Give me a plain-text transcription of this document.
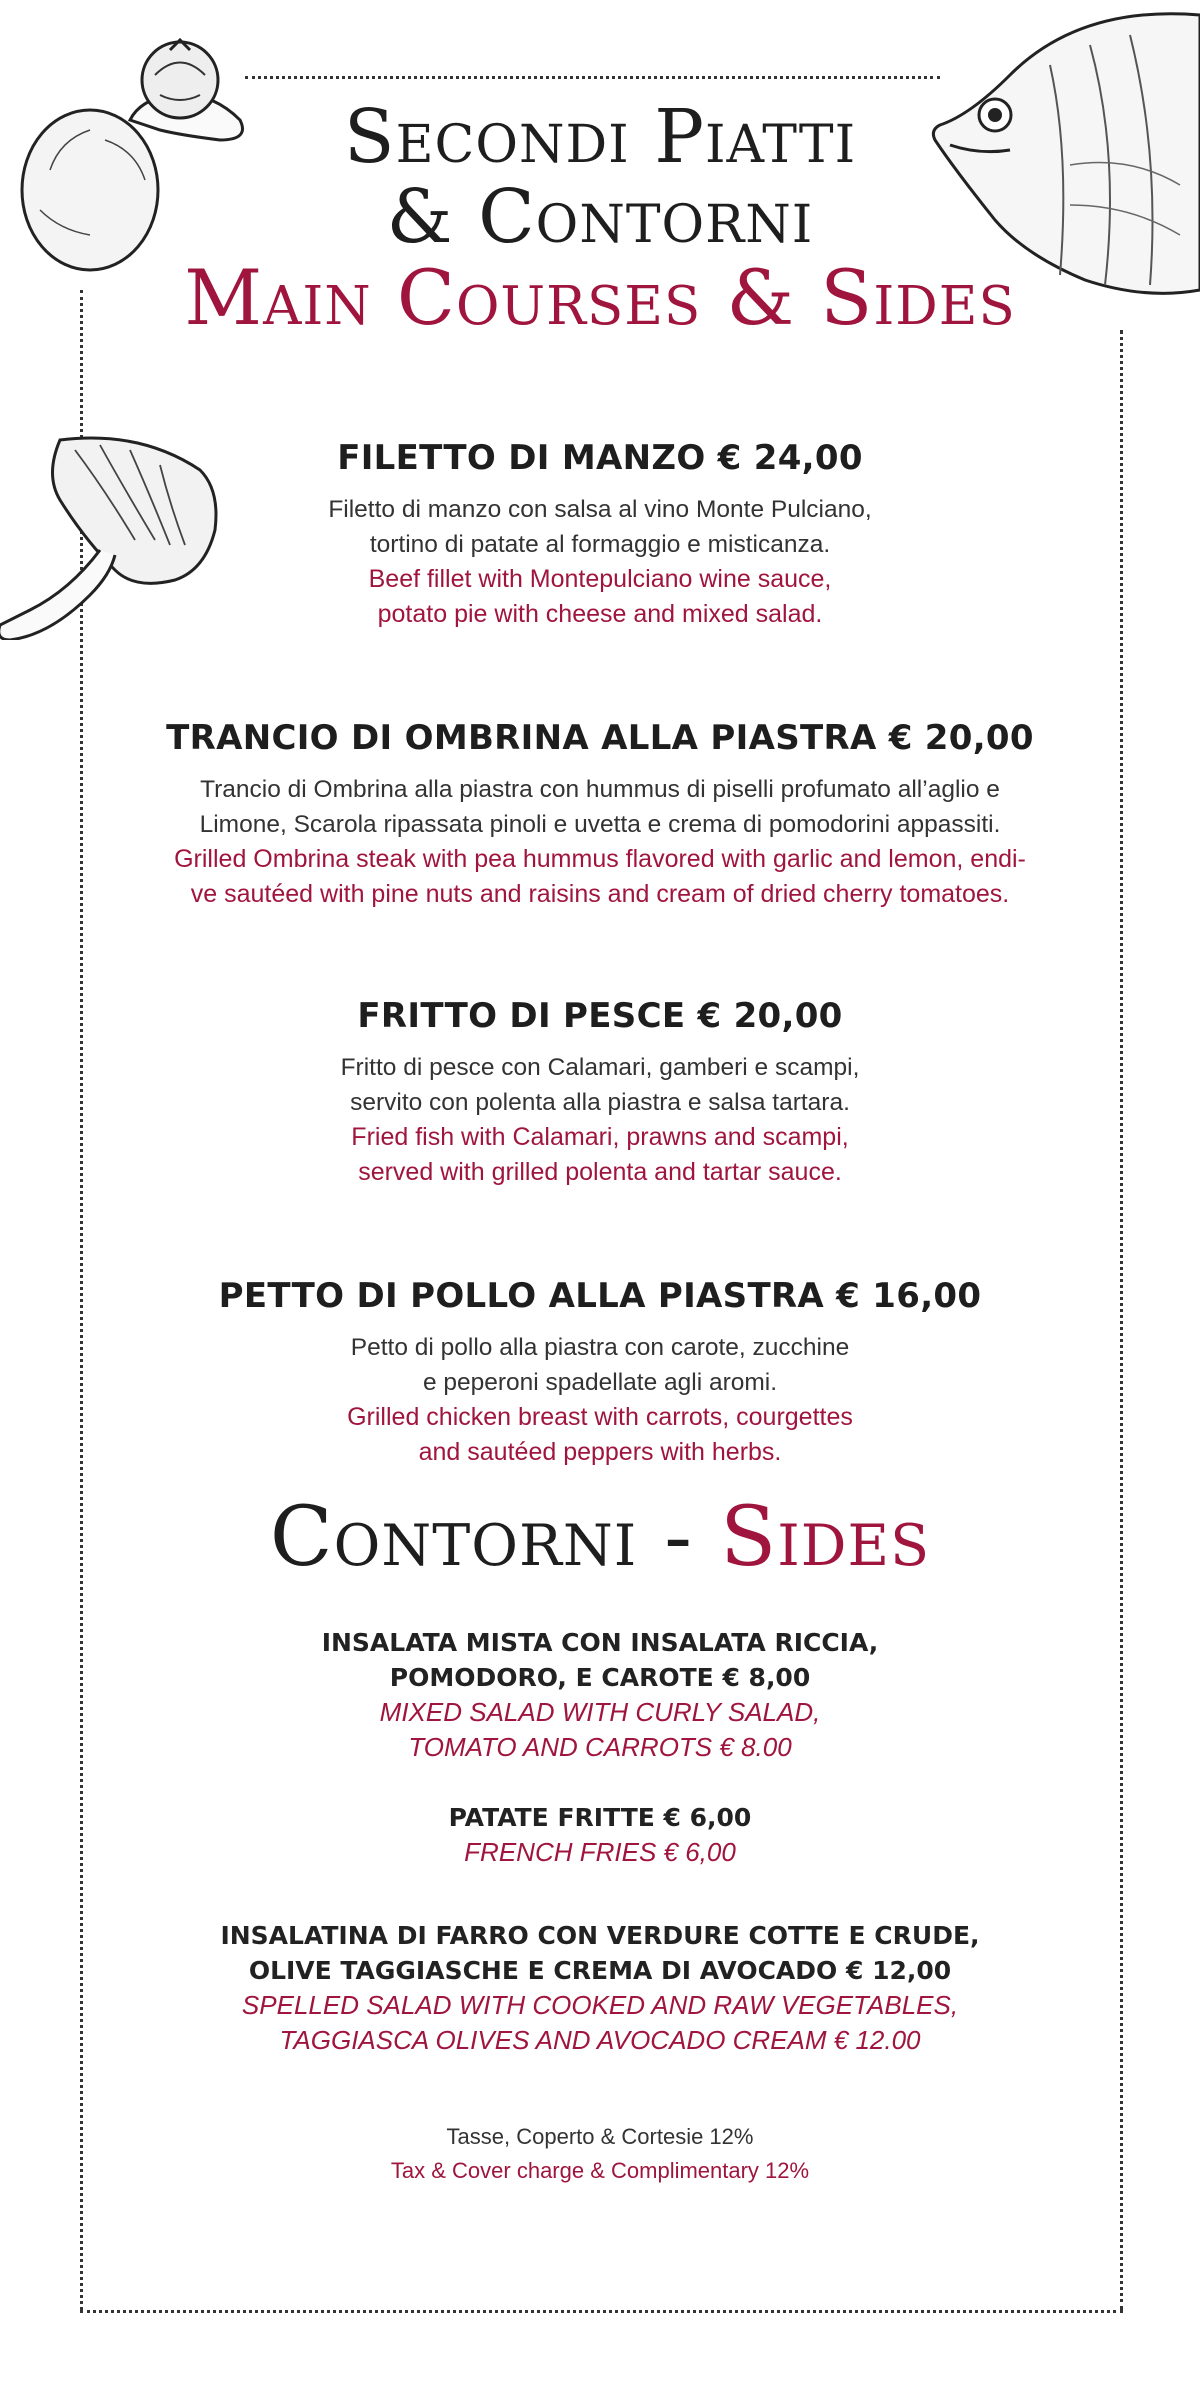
Secondi Piatti
& Contorni
Main Courses & Sides

FILETTO DI MANZO € 24,00

Filetto di manzo con salsa al vino Monte Pulciano,

tortino di patate al formaggio e misticanza.

Beef fillet with Montepulciano wine sauce,

potato pie with cheese and mixed salad.

TRANCIO DI OMBRINA ALLA PIASTRA € 20,00

Trancio di Ombrina alla piastra con hummus di piselli profumato all’aglio e

Limone, Scarola ripassata pinoli e uvetta e crema di pomodorini appassiti.

Grilled Ombrina steak with pea hummus flavored with garlic and lemon, endi-

ve sautéed with pine nuts and raisins and cream of dried cherry tomatoes.

FRITTO DI PESCE € 20,00

Fritto di pesce con Calamari, gamberi e scampi,

servito con polenta alla piastra e salsa tartara.

Fried fish with Calamari, prawns and scampi,

served with grilled polenta and tartar sauce.

PETTO DI POLLO ALLA PIASTRA € 16,00

Petto di pollo alla piastra con carote, zucchine

e peperoni spadellate agli aromi.

Grilled chicken breast with carrots, courgettes

and sautéed peppers with herbs.

Contorni - Sides

INSALATA MISTA CON INSALATA RICCIA,

POMODORO, E CAROTE € 8,00

MIXED SALAD WITH CURLY SALAD,

TOMATO AND CARROTS € 8.00

PATATE FRITTE € 6,00

FRENCH FRIES € 6,00

INSALATINA DI FARRO CON VERDURE COTTE E CRUDE,

OLIVE TAGGIASCHE E CREMA DI AVOCADO € 12,00

SPELLED SALAD WITH COOKED AND RAW VEGETABLES,

TAGGIASCA OLIVES AND AVOCADO CREAM € 12.00

Tasse, Coperto & Cortesie 12%

Tax & Cover charge & Complimentary 12%
